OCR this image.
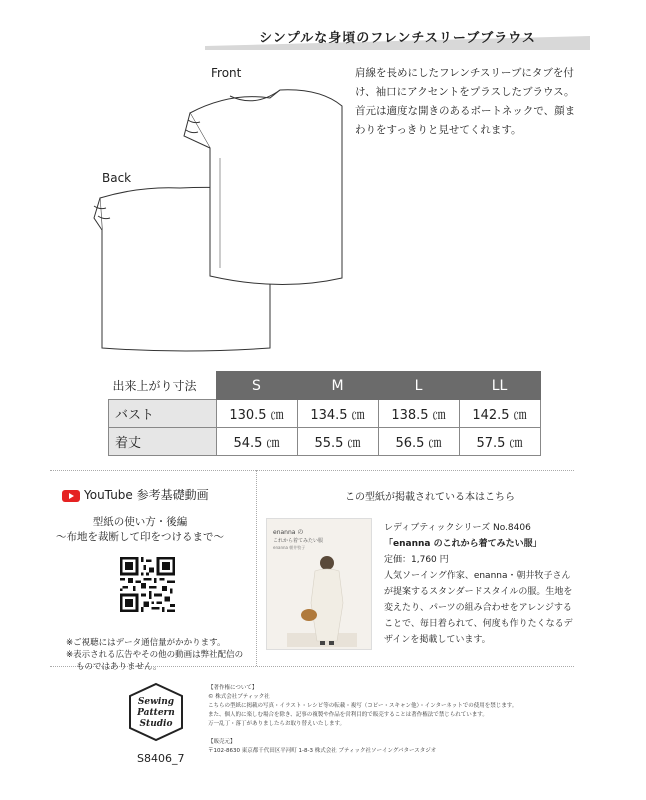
シンプルな身頃のフレンチスリーブブラウス
Front
Back
肩線を長めにしたフレンチスリーブにタブを付け、袖口にアクセントをプラスしたブラウス。首元は適度な開きのあるボートネックで、顔まわりをすっきりと見せてくれます。
出来上がり寸法	S	M	L	LL
バスト	130.5 ㎝	134.5 ㎝	138.5 ㎝	142.5 ㎝
着丈	54.5 ㎝	55.5 ㎝	56.5 ㎝	57.5 ㎝
YouTube 参考基礎動画
型紙の使い方・後編
～布地を裁断して印をつけるまで～
※ご視聴にはデータ通信量がかかります。
※表示される広告やその他の動画は弊社配信の
ものではありません。
この型紙が掲載されている本はこちら
enanna の
これから着てみたい服
enanna 朝井牧子
レディブティックシリーズ No.8406
「enanna のこれから着てみたい服」
定価：1,760 円
人気ソーイング作家、enanna・朝井牧子さんが提案するスタンダードスタイルの服。生地を変えたり、パーツの組み合わせをアレンジすることで、毎日着られて、何度も作りたくなるデザインを掲載しています。
Sewing
Pattern
Studio
【著作権について】
© 株式会社ブティック社
こちらの型紙に掲載の写真・イラスト・レシピ等の転載・複写（コピー・スキャン他）・インターネットでの使用を禁じます。
また、個人的に楽しむ場合を除き、記事の複製や作品を営利目的で販売することは著作権法で禁じられています。
万一乱丁・落丁がありましたらお取り替えいたします。
【販売元】
〒102-8630 東京都千代田区平河町 1-8-3 株式会社 ブティック社ソーイングパタースタジオ
S8406_7
